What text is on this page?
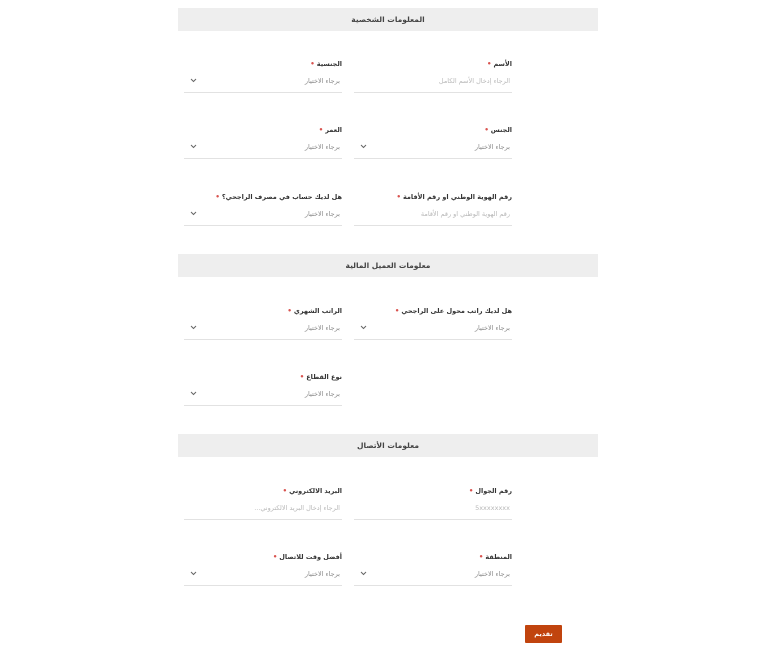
المعلومات الشخصية
الأسم•
الرجاء إدخال الأسم الكامل
الجنسية•
برجاء الاختيار
الجنس•
برجاء الاختيار
العمر•
برجاء الاختيار
رقم الهوية الوطني او رقم الأقامة•
رقم الهوية الوطني او رقم الأقامة
هل لديك حساب في مصرف الراجحي؟•
برجاء الاختيار
معلومات العميل المالية
هل لديك راتب محول على الراجحي•
برجاء الاختيار
الراتب الشهري•
برجاء الاختيار
نوع القطاع•
برجاء الاختيار
معلومات الأتصال
رقم الجوال•
5xxxxxxxx
البريد الالكتروني•
الرجاء إدخال البريد الالكتروني...
المنطقة•
برجاء الاختيار
أفضل وقت للاتصال•
برجاء الاختيار
تقديم
